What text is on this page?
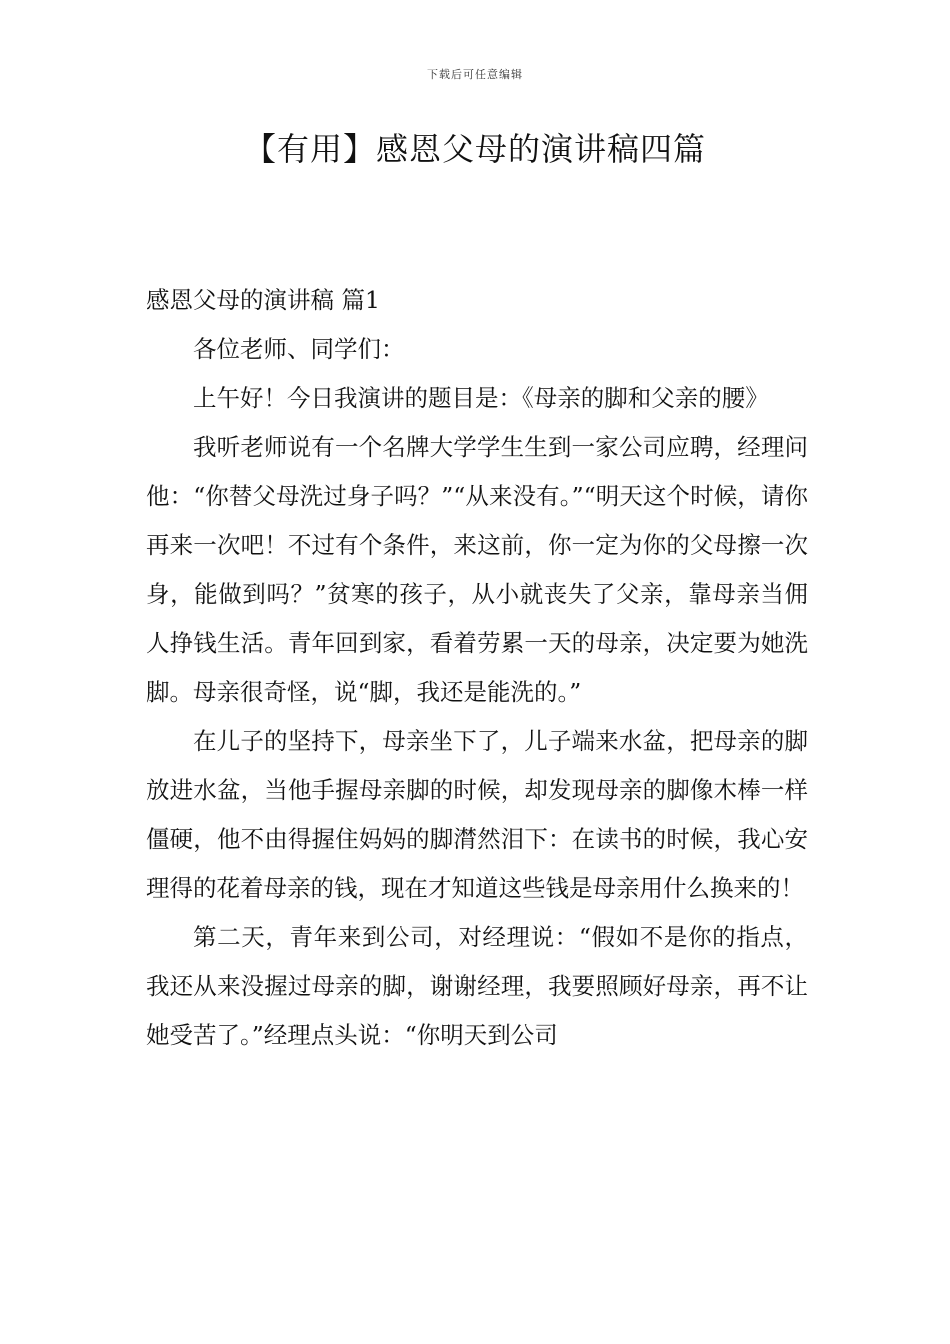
下载后可任意编辑
【有用】感恩父母的演讲稿四篇

感恩父母的演讲稿 篇1

各位老师、同学们：

上午好！今日我演讲的题目是：《母亲的脚和父亲的腰》

我听老师说有一个名牌大学学生生到一家公司应聘，经理问他：“你替父母洗过身子吗？”“从来没有。”“明天这个时候，请你再来一次吧！不过有个条件，来这前，你一定为你的父母擦一次身，能做到吗？”贫寒的孩子，从小就丧失了父亲，靠母亲当佣人挣钱生活。青年回到家，看着劳累一天的母亲，决定要为她洗脚。母亲很奇怪，说“脚，我还是能洗的。”

在儿子的坚持下，母亲坐下了，儿子端来水盆，把母亲的脚放进水盆，当他手握母亲脚的时候，却发现母亲的脚像木棒一样僵硬，他不由得握住妈妈的脚潸然泪下：在读书的时候，我心安理得的花着母亲的钱，现在才知道这些钱是母亲用什么换来的！

第二天，青年来到公司，对经理说：“假如不是你的指点，我还从来没握过母亲的脚，谢谢经理，我要照顾好母亲，再不让她受苦了。”经理点头说：“你明天到公司
